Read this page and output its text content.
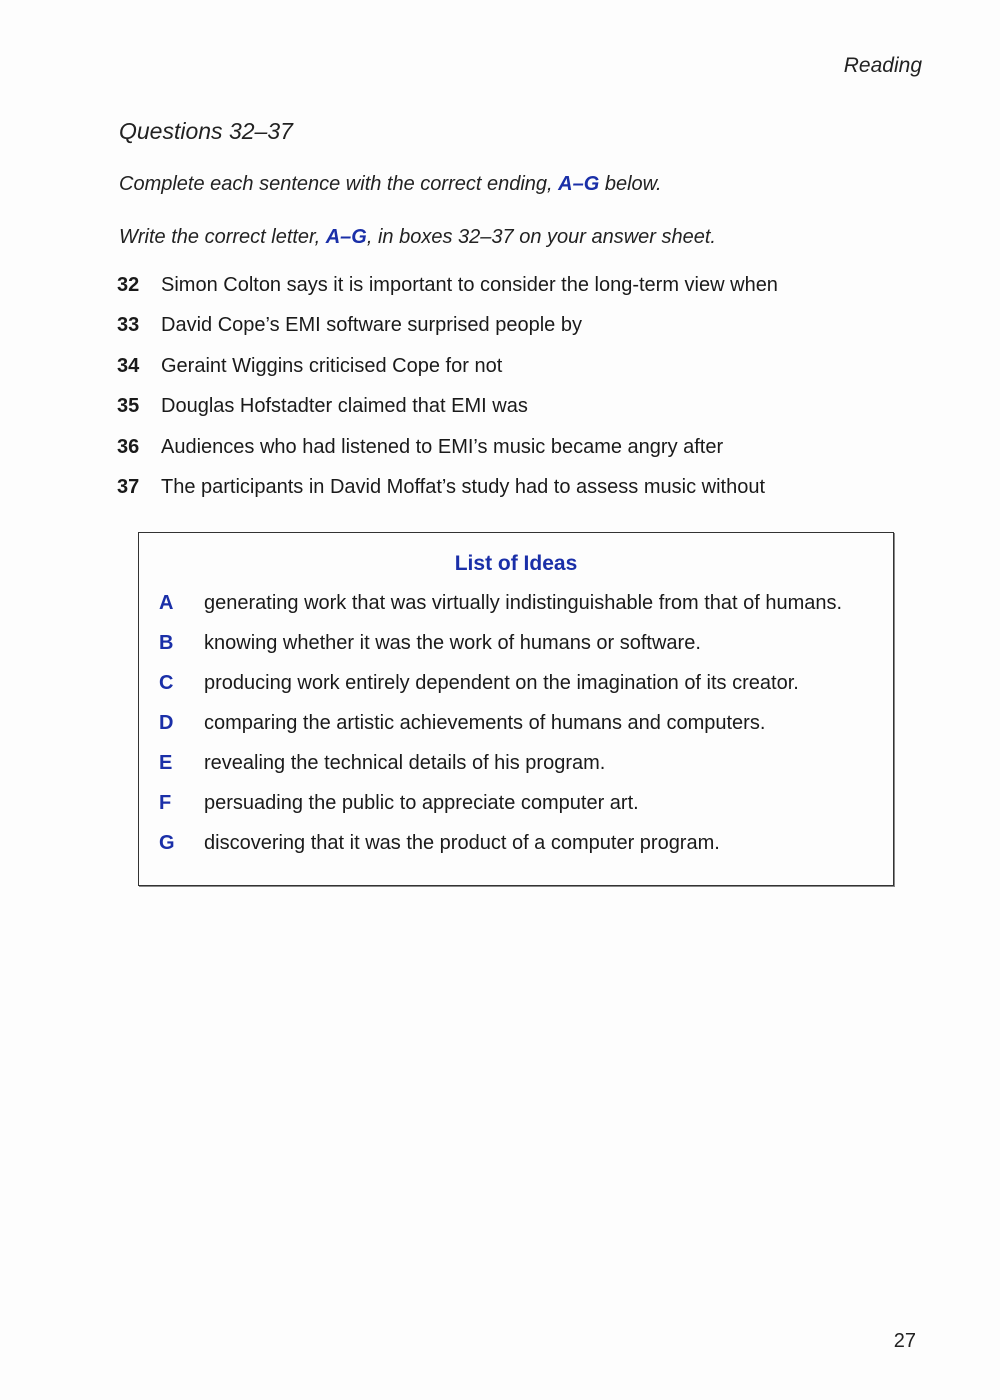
Reading
Questions 32–37
Complete each sentence with the correct ending, A–G below.
Write the correct letter, A–G, in boxes 32–37 on your answer sheet.
32	Simon Colton says it is important to consider the long-term view when
33	David Cope’s EMI software surprised people by
34	Geraint Wiggins criticised Cope for not
35	Douglas Hofstadter claimed that EMI was
36	Audiences who had listened to EMI’s music became angry after
37	The participants in David Moffat’s study had to assess music without
List of Ideas
A	generating work that was virtually indistinguishable from that of humans.
B	knowing whether it was the work of humans or software.
C	producing work entirely dependent on the imagination of its creator.
D	comparing the artistic achievements of humans and computers.
E	revealing the technical details of his program.
F	persuading the public to appreciate computer art.
G	discovering that it was the product of a computer program.
27
